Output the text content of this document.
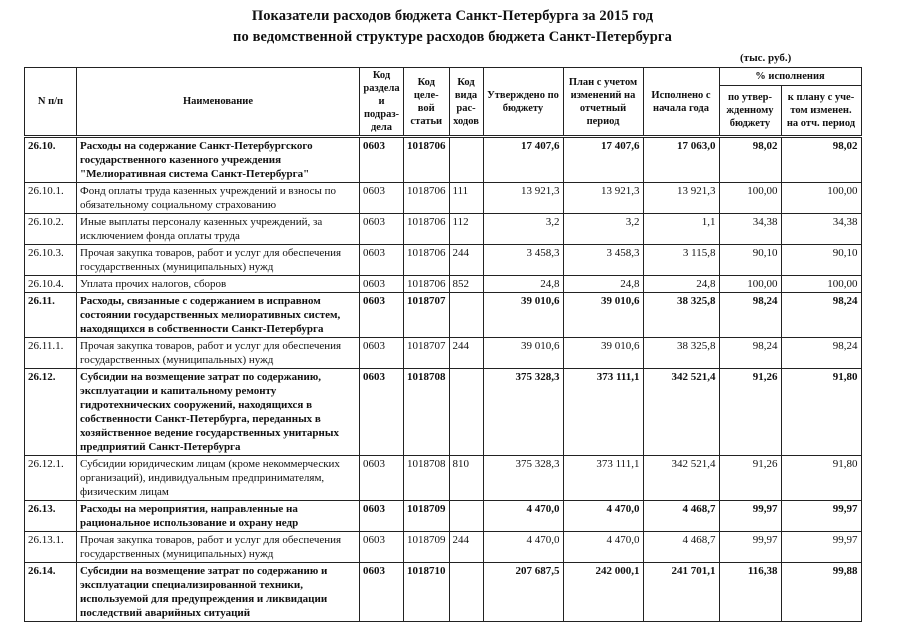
Показатели расходов бюджета Санкт-Петербурга за 2015 год
по ведомственной структуре расходов бюджета Санкт-Петербурга
(тыс. руб.)
N п/п	Наименование	Код раздела и подраз-дела	Код целе-вой статьи	Код вида рас-ходов	Утверждено по бюджету	План с учетом изменений на отчетный период	Исполнено с начала года	% исполнения	
								по утвер-жденному бюджету	к плану с уче-том изменен. на отч. период
26.10.	Расходы на содержание Санкт-Петербургского государственного казенного учреждения "Мелиоративная система Санкт-Петербурга"	0603	1018706		17 407,6	17 407,6	17 063,0	98,02	98,02
26.10.1.	Фонд оплаты труда казенных учреждений и взносы по обязательному социальному страхованию	0603	1018706	111	13 921,3	13 921,3	13 921,3	100,00	100,00
26.10.2.	Иные выплаты персоналу казенных учреждений, за исключением фонда оплаты труда	0603	1018706	112	3,2	3,2	1,1	34,38	34,38
26.10.3.	Прочая закупка товаров, работ и услуг для обеспечения государственных (муниципальных) нужд	0603	1018706	244	3 458,3	3 458,3	3 115,8	90,10	90,10
26.10.4.	Уплата прочих налогов, сборов	0603	1018706	852	24,8	24,8	24,8	100,00	100,00
26.11.	Расходы, связанные с содержанием в исправном состоянии государственных мелиоративных систем, находящихся в собственности Санкт-Петербурга	0603	1018707		39 010,6	39 010,6	38 325,8	98,24	98,24
26.11.1.	Прочая закупка товаров, работ и услуг для обеспечения государственных (муниципальных) нужд	0603	1018707	244	39 010,6	39 010,6	38 325,8	98,24	98,24
26.12.	Субсидии на возмещение затрат по содержанию, эксплуатации и капитальному ремонту гидротехнических сооружений, находящихся в собственности Санкт-Петербурга, переданных в хозяйственное ведение государственных унитарных предприятий Санкт-Петербурга	0603	1018708		375 328,3	373 111,1	342 521,4	91,26	91,80
26.12.1.	Субсидии юридическим лицам (кроме некоммерческих организаций), индивидуальным предпринимателям, физическим лицам	0603	1018708	810	375 328,3	373 111,1	342 521,4	91,26	91,80
26.13.	Расходы на мероприятия, направленные на рациональное использование и охрану недр	0603	1018709		4 470,0	4 470,0	4 468,7	99,97	99,97
26.13.1.	Прочая закупка товаров, работ и услуг для обеспечения государственных (муниципальных) нужд	0603	1018709	244	4 470,0	4 470,0	4 468,7	99,97	99,97
26.14.	Субсидии на возмещение затрат по содержанию и эксплуатации специализированной техники, используемой для предупреждения и ликвидации последствий аварийных ситуаций	0603	1018710		207 687,5	242 000,1	241 701,1	116,38	99,88
